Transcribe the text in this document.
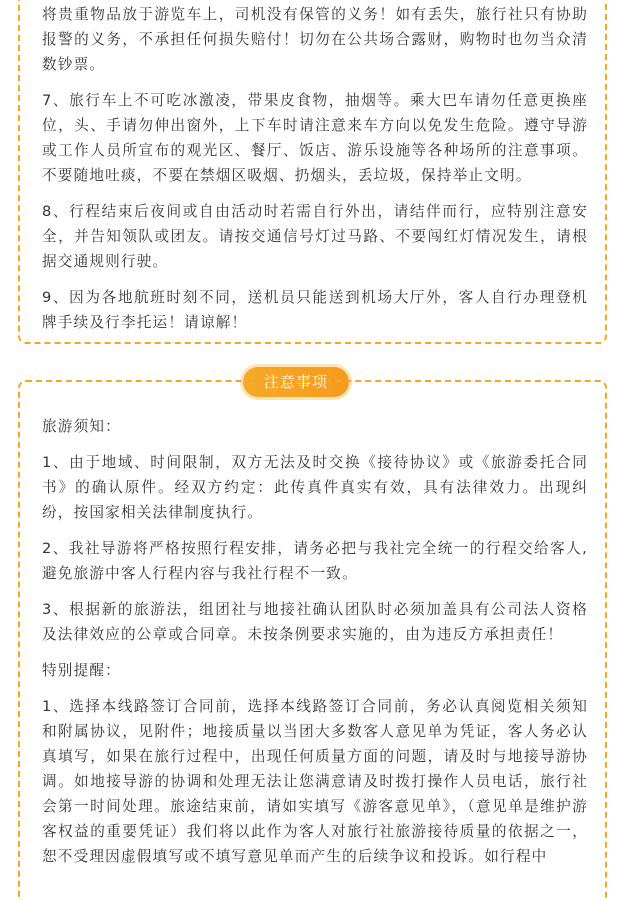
将贵重物品放于游览车上，司机没有保管的义务！如有丢失，旅行社只有协助报警的义务，不承担任何损失赔付！切勿在公共场合露财，购物时也勿当众清数钞票。

7、旅行车上不可吃冰激凌，带果皮食物，抽烟等。乘大巴车请勿任意更换座位，头、手请勿伸出窗外，上下车时请注意来车方向以免发生危险。遵守导游或工作人员所宣布的观光区、餐厅、饭店、游乐设施等各种场所的注意事项。不要随地吐痰，不要在禁烟区吸烟、扔烟头，丢垃圾，保持举止文明。

8、行程结束后夜间或自由活动时若需自行外出，请结伴而行，应特别注意安全，并告知领队或团友。请按交通信号灯过马路、不要闯红灯情况发生，请根据交通规则行驶。

9、因为各地航班时刻不同，送机员只能送到机场大厅外，客人自行办理登机牌手续及行李托运！请谅解！

注意事项

旅游须知：

1、由于地域、时间限制，双方无法及时交换《接待协议》或《旅游委托合同书》的确认原件。经双方约定：此传真件真实有效，具有法律效力。出现纠纷，按国家相关法律制度执行。

2、我社导游将严格按照行程安排，请务必把与我社完全统一的行程交给客人,避免旅游中客人行程内容与我社行程不一致。

3、根据新的旅游法，组团社与地接社确认团队时必须加盖具有公司法人资格及法律效应的公章或合同章。未按条例要求实施的，由为违反方承担责任！

特别提醒：

1、选择本线路签订合同前，选择本线路签订合同前，务必认真阅览相关须知和附属协议，见附件；地接质量以当团大多数客人意见单为凭证，客人务必认真填写，如果在旅行过程中，出现任何质量方面的问题，请及时与地接导游协调。如地接导游的协调和处理无法让您满意请及时拨打操作人员电话，旅行社会第一时间处理。旅途结束前，请如实填写《游客意见单》，（意见单是维护游客权益的重要凭证）我们将以此作为客人对旅行社旅游接待质量的依据之一，恕不受理因虚假填写或不填写意见单而产生的后续争议和投诉。如行程中
